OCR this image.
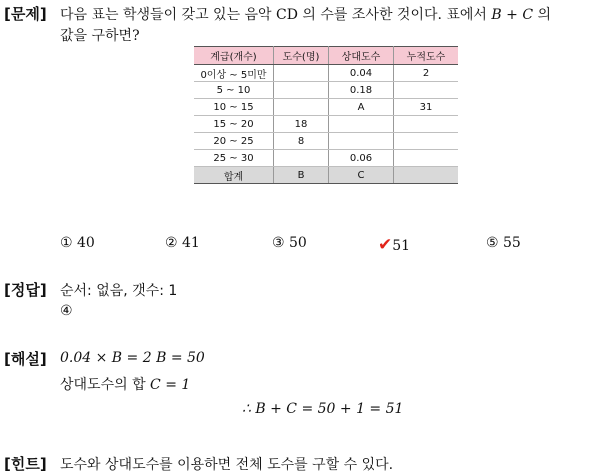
[문제] 다음 표는 학생들이 갖고 있는 음악 CD 의 수를 조사한 것이다. 표에서 B + C 의
값을 구하면?
계급(개수)	도수(명)	상대도수	누적도수
0이상 ~ 5미만		0.04	2
5 ~ 10		0.18	
10 ~ 15		A	31
15 ~ 20	18		
20 ~ 25	8		
25 ~ 30		0.06	
합계	B	C	
① 40	② 41	③ 50	✔51	⑤ 55
[정답] 순서: 없음, 갯수: 1
④
[해설] 0.04 × B = 2 B = 50
상대도수의 합 C = 1
∴ B + C = 50 + 1 = 51
[힌트] 도수와 상대도수를 이용하면 전체 도수를 구할 수 있다.
